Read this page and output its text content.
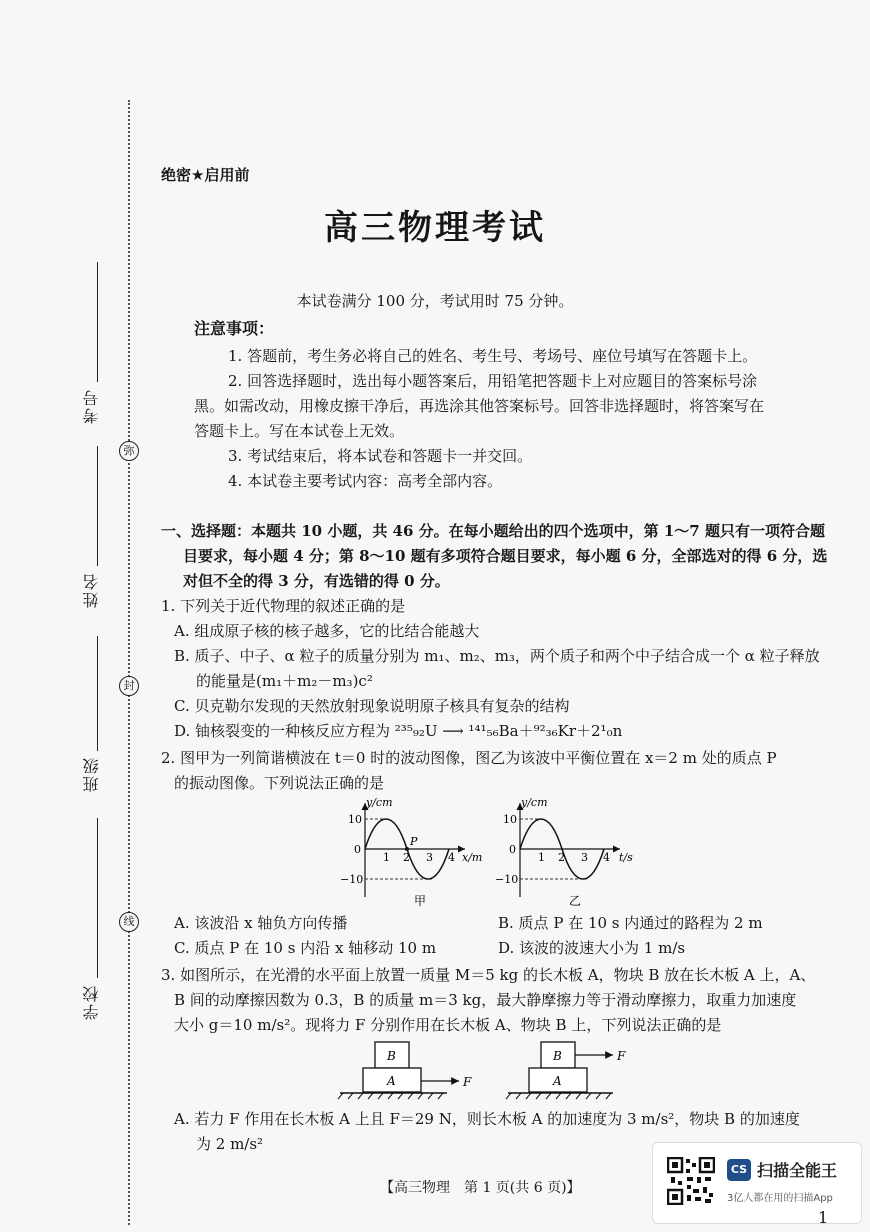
考号
姓名
班级
学校
弥
封
线
绝密★启用前
高三物理考试
本试卷满分 100 分，考试用时 75 分钟。
注意事项：
1. 答题前，考生务必将自己的姓名、考生号、考场号、座位号填写在答题卡上。
2. 回答选择题时，选出每小题答案后，用铅笔把答题卡上对应题目的答案标号涂
黑。如需改动，用橡皮擦干净后，再选涂其他答案标号。回答非选择题时，将答案写在
答题卡上。写在本试卷上无效。
3. 考试结束后，将本试卷和答题卡一并交回。
4. 本试卷主要考试内容：高考全部内容。
一、选择题：本题共 10 小题，共 46 分。在每小题给出的四个选项中，第 1～7 题只有一项符合题
目要求，每小题 4 分；第 8～10 题有多项符合题目要求，每小题 6 分，全部选对的得 6 分，选
对但不全的得 3 分，有选错的得 0 分。
1. 下列关于近代物理的叙述正确的是
A. 组成原子核的核子越多，它的比结合能越大
B. 质子、中子、α 粒子的质量分别为 m₁、m₂、m₃，两个质子和两个中子结合成一个 α 粒子释放
的能量是(m₁＋m₂－m₃)c²
C. 贝克勒尔发现的天然放射现象说明原子核具有复杂的结构
D. 铀核裂变的一种核反应方程为 ²³⁵₉₂U ⟶ ¹⁴¹₅₆Ba＋⁹²₃₆Kr＋2¹₀n
2. 图甲为一列简谐横波在 t＝0 时的波动图像，图乙为该波中平衡位置在 x＝2 m 处的质点 P
的振动图像。下列说法正确的是
y/cm
10
0
−10
1 2 3 4
P
x/m
甲
y/cm
10
0
−10
1 2 3 4 t/s
乙
A. 该波沿 x 轴负方向传播	B. 质点 P 在 10 s 内通过的路程为 2 m
C. 质点 P 在 10 s 内沿 x 轴移动 10 m	D. 该波的波速大小为 1 m/s
3. 如图所示，在光滑的水平面上放置一质量 M＝5 kg 的长木板 A，物块 B 放在长木板 A 上，A、
B 间的动摩擦因数为 0.3，B 的质量 m＝3 kg，最大静摩擦力等于滑动摩擦力，取重力加速度
大小 g＝10 m/s²。现将力 F 分别作用在长木板 A、物块 B 上，下列说法正确的是
B
A	F
B
A
F
A. 若力 F 作用在长木板 A 上且 F＝29 N，则长木板 A 的加速度为 3 m/s²，物块 B 的加速度
为 2 m/s²
【高三物理　第 1 页(共 6 页)】
CS 扫描全能王
3亿人都在用的扫描App
1
